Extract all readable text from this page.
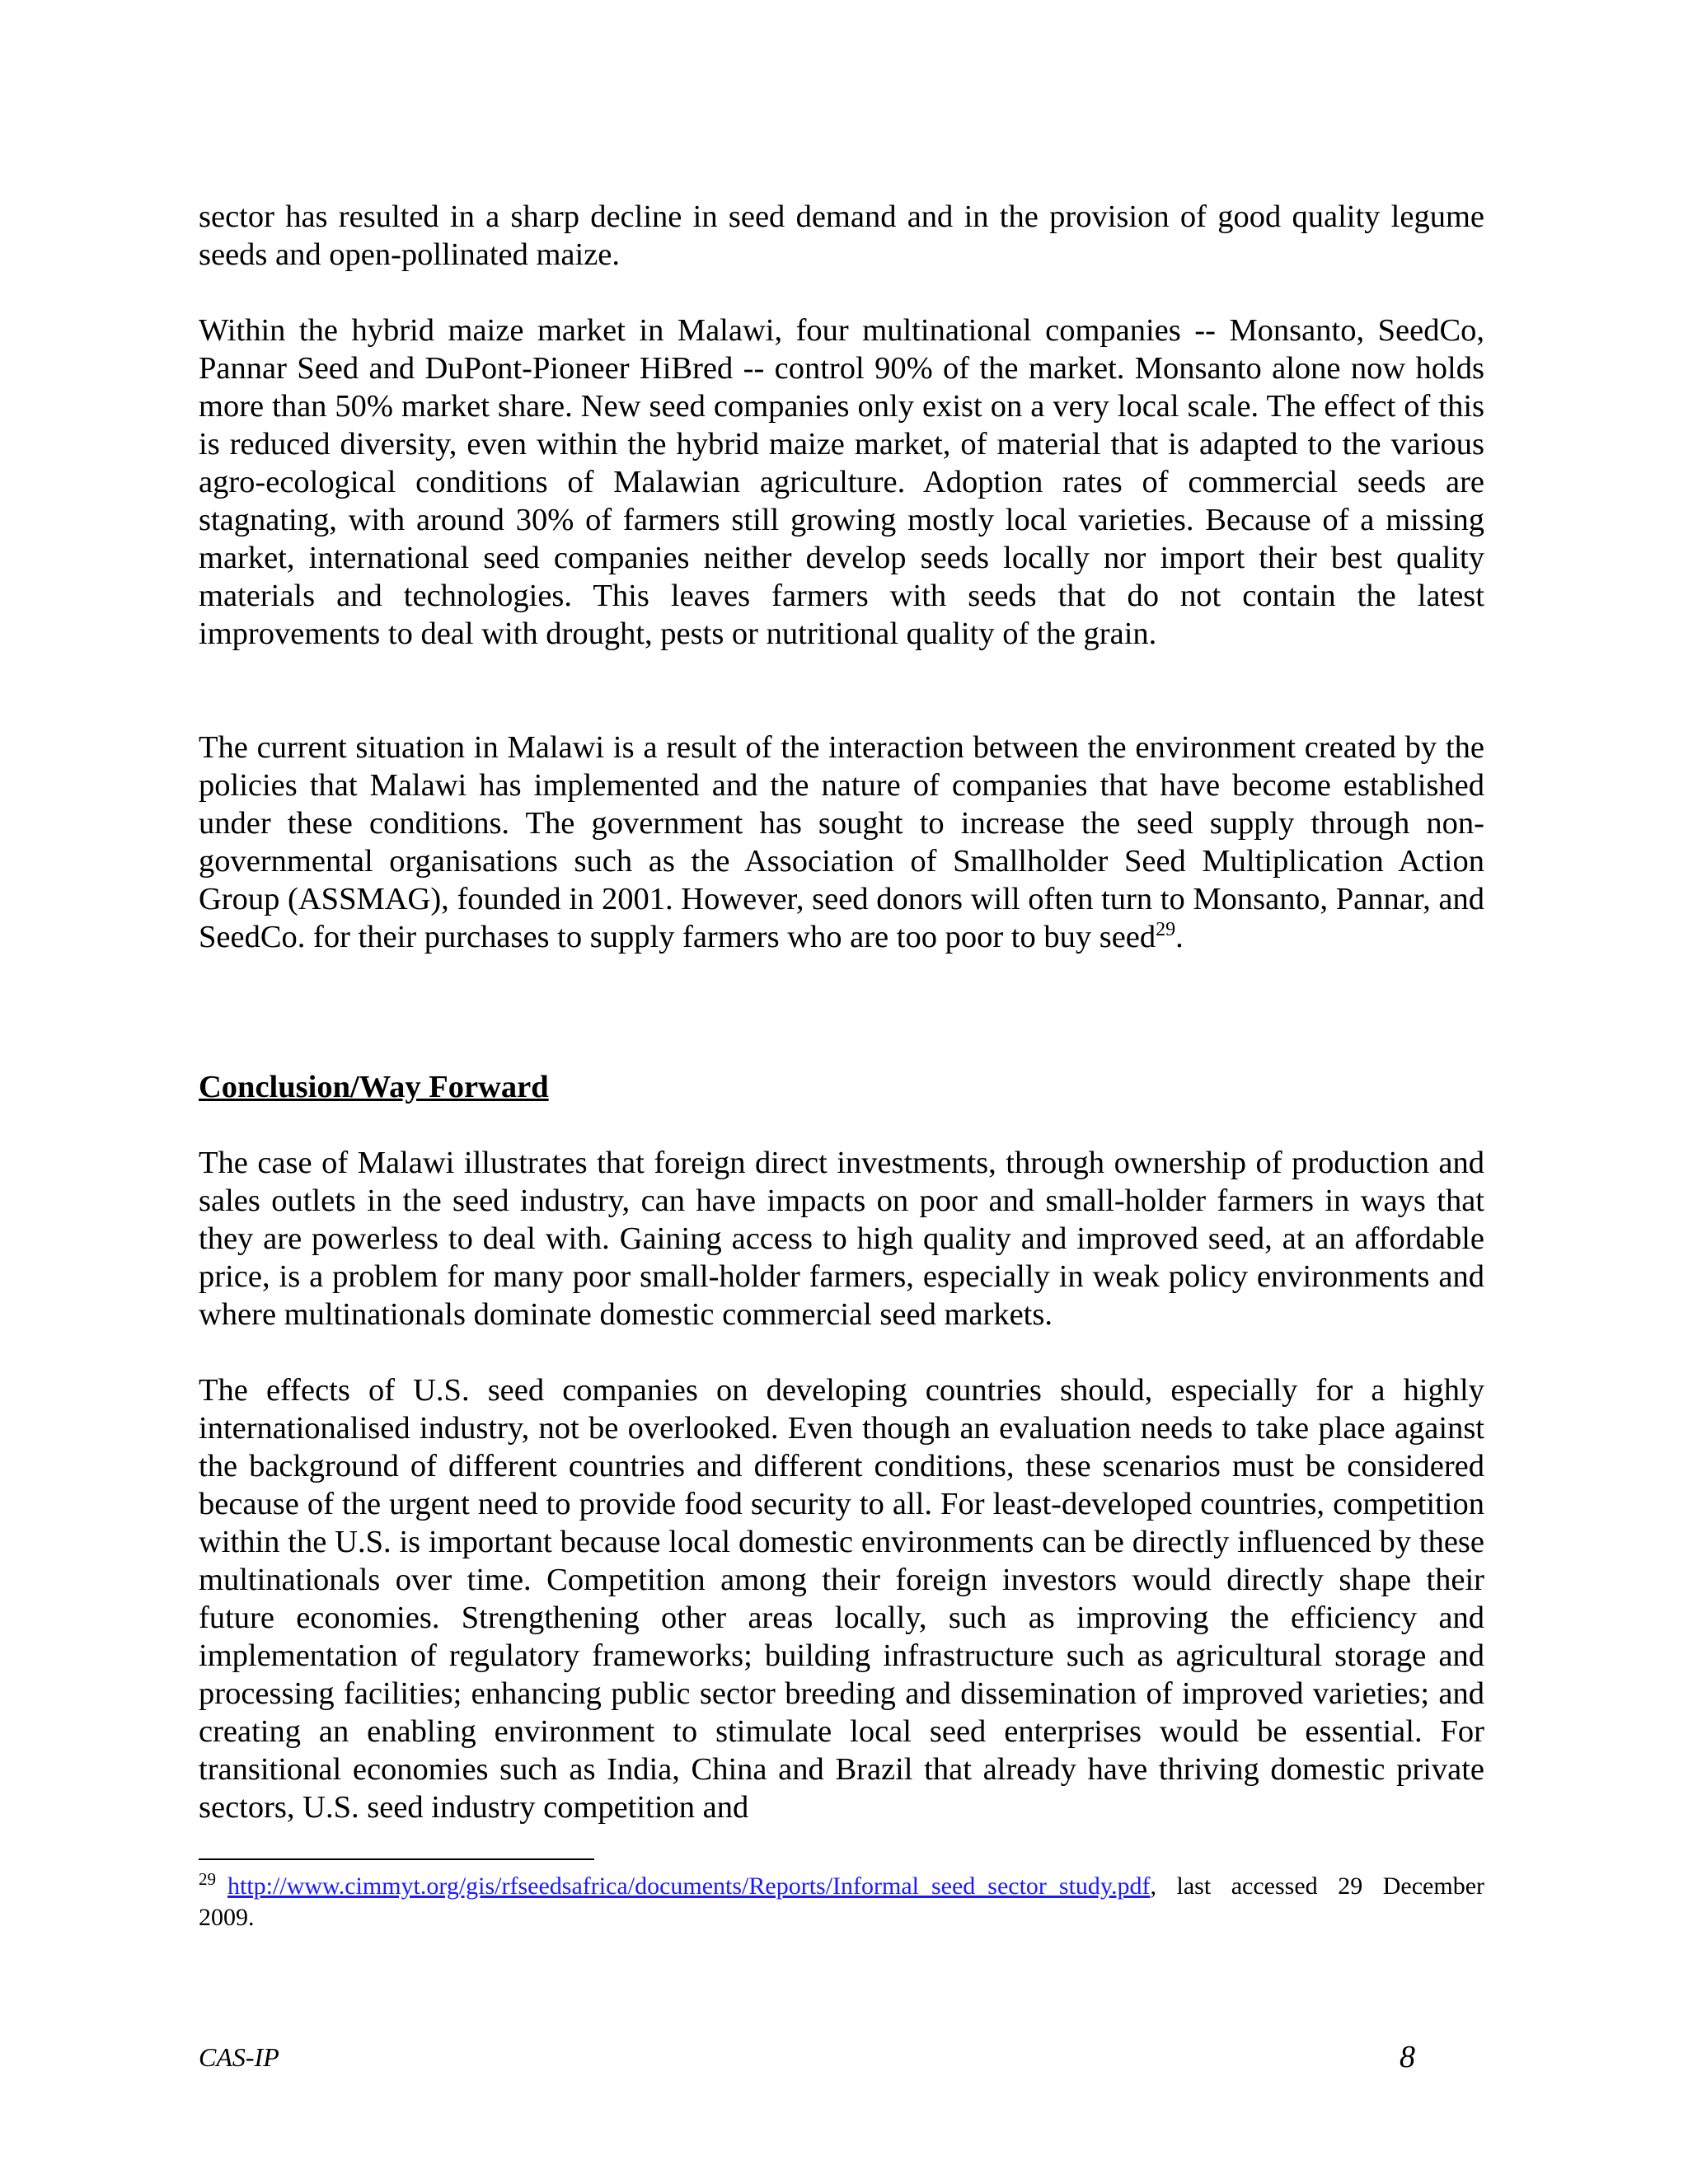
sector has resulted in a sharp decline in seed demand and in the provision of good quality legume seeds and open-pollinated maize.

Within the hybrid maize market in Malawi, four multinational companies -- Monsanto, SeedCo, Pannar Seed and DuPont-Pioneer HiBred -- control 90% of the market. Monsanto alone now holds more than 50% market share. New seed companies only exist on a very local scale. The effect of this is reduced diversity, even within the hybrid maize market, of material that is adapted to the various agro-ecological conditions of Malawian agriculture. Adoption rates of commercial seeds are stagnating, with around 30% of farmers still growing mostly local varieties. Because of a missing market, international seed companies neither develop seeds locally nor import their best quality materials and technologies. This leaves farmers with seeds that do not contain the latest improvements to deal with drought, pests or nutritional quality of the grain.

The current situation in Malawi is a result of the interaction between the environment created by the policies that Malawi has implemented and the nature of companies that have become established under these conditions. The government has sought to increase the seed supply through non-governmental organisations such as the Association of Smallholder Seed Multiplication Action Group (ASSMAG), founded in 2001. However, seed donors will often turn to Monsanto, Pannar, and SeedCo. for their purchases to supply farmers who are too poor to buy seed$^{29}$.

Conclusion/Way Forward

The case of Malawi illustrates that foreign direct investments, through ownership of production and sales outlets in the seed industry, can have impacts on poor and small-holder farmers in ways that they are powerless to deal with. Gaining access to high quality and improved seed, at an affordable price, is a problem for many poor small-holder farmers, especially in weak policy environments and where multinationals dominate domestic commercial seed markets.

The effects of U.S. seed companies on developing countries should, especially for a highly internationalised industry, not be overlooked. Even though an evaluation needs to take place against the background of different countries and different conditions, these scenarios must be considered because of the urgent need to provide food security to all. For least-developed countries, competition within the U.S. is important because local domestic environments can be directly influenced by these multinationals over time. Competition among their foreign investors would directly shape their future economies. Strengthening other areas locally, such as improving the efficiency and implementation of regulatory frameworks; building infrastructure such as agricultural storage and processing facilities; enhancing public sector breeding and dissemination of improved varieties; and creating an enabling environment to stimulate local seed enterprises would be essential. For transitional economies such as India, China and Brazil that already have thriving domestic private sectors, U.S. seed industry competition and

$^{29}$ http://www.cimmyt.org/gis/rfseedsafrica/documents/Reports/Informal_seed_sector_study.pdf, last accessed 29 December 2009.

CAS-IP	8
